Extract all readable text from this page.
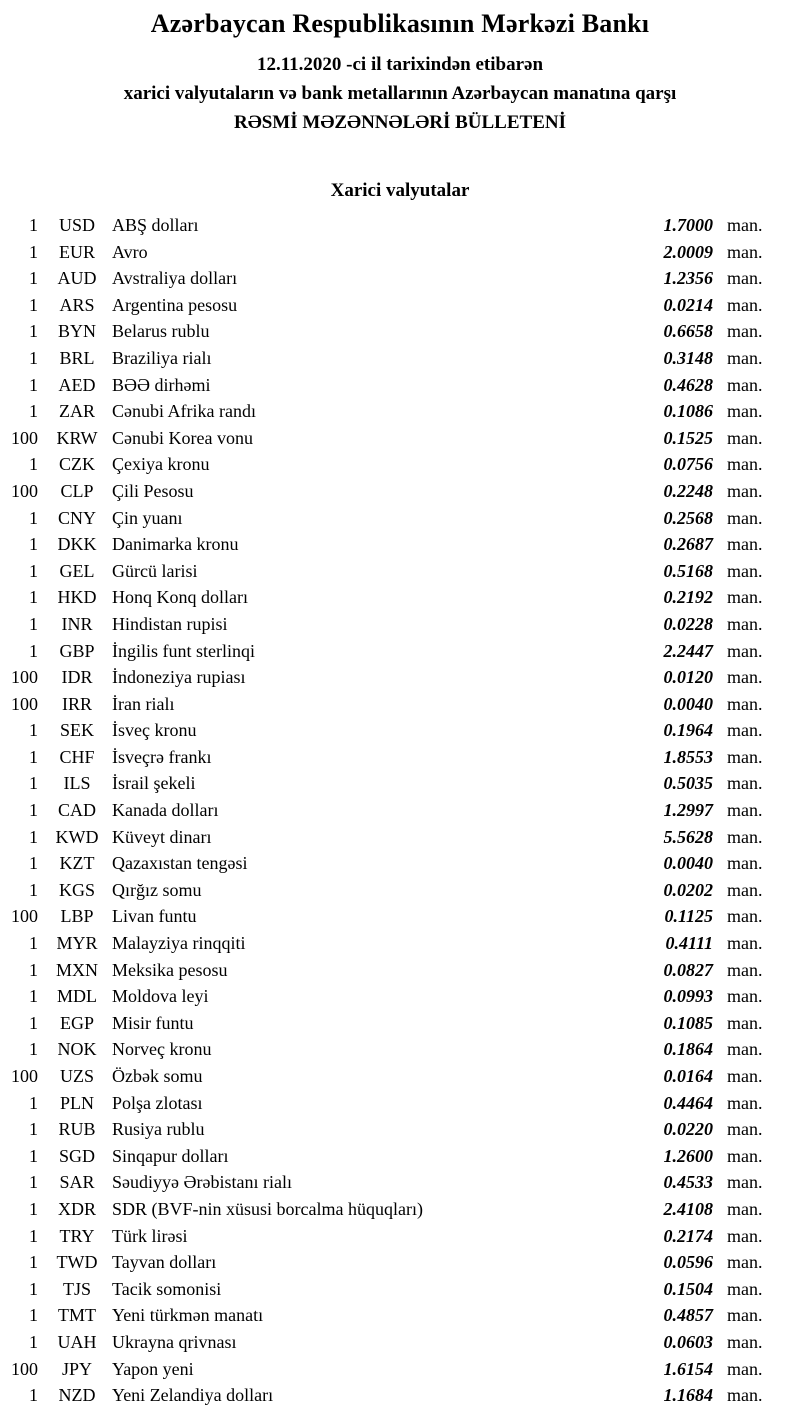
Azərbaycan Respublikasının Mərkəzi Bankı
12.11.2020 -ci il tarixindən etibarən
xarici valyutaların və bank metallarının Azərbaycan manatına qarşı
RƏSMİ MƏZƏNNƏLƏRİ BÜLLETENİ
Xarici valyutalar
1	USD ABŞ dolları	1.7000 man.
1	EUR Avro	2.0009 man.
1	AUD Avstraliya dolları	1.2356 man.
1	ARS Argentina pesosu	0.0214 man.
1	BYN Belarus rublu	0.6658 man.
1	BRL Braziliya rialı	0.3148 man.
1	AED BƏƏ dirhəmi	0.4628 man.
1	ZAR Cənubi Afrika randı	0.1086 man.
100	KRW Cənubi Korea vonu	0.1525 man.
1	CZK Çexiya kronu	0.0756 man.
100	CLP	Çili Pesosu	0.2248 man.
1	CNY Çin yuanı	0.2568 man.
1	DKK Danimarka kronu	0.2687 man.
1	GEL Gürcü larisi	0.5168 man.
1	HKD Honq Konq dolları	0.2192 man.
1	INR	Hindistan rupisi	0.0228 man.
1	GBP İngilis funt sterlinqi	2.2447 man.
100	IDR	İndoneziya rupiası	0.0120 man.
100	IRR	İran rialı	0.0040 man.
1	SEK	İsveç kronu	0.1964 man.
1	CHF İsveçrə frankı	1.8553 man.
1	ILS	İsrail şekeli	0.5035 man.
1	CAD Kanada dolları	1.2997 man.
1 KWD Küveyt dinarı	5.5628 man.
1	KZT Qazaxıstan tengəsi	0.0040 man.
1	KGS Qırğız somu	0.0202 man.
100	LBP	Livan funtu	0.1125 man.
1	MYR Malayziya rinqqiti	0.4111 man.
1 MXN Meksika pesosu	0.0827 man.
1	MDL Moldova leyi	0.0993 man.
1	EGP	Misir funtu	0.1085 man.
1	NOK Norveç kronu	0.1864 man.
100	UZS	Özbək somu	0.0164 man.
1	PLN	Polşa zlotası	0.4464 man.
1	RUB Rusiya rublu	0.0220 man.
1	SGD Sinqapur dolları	1.2600 man.
1	SAR Səudiyyə Ərəbistanı rialı	0.4533 man.
1	XDR SDR (BVF-nin xüsusi borcalma hüquqları)	2.4108 man.
1	TRY Türk lirəsi	0.2174 man.
1	TWD Tayvan dolları	0.0596 man.
1	TJS	Tacik somonisi	0.1504 man.
1	TMT Yeni türkmən manatı	0.4857 man.
1	UAH Ukrayna qrivnası	0.0603 man.
100	JPY	Yapon yeni	1.6154 man.
1	NZD Yeni Zelandiya dolları	1.1684 man.
